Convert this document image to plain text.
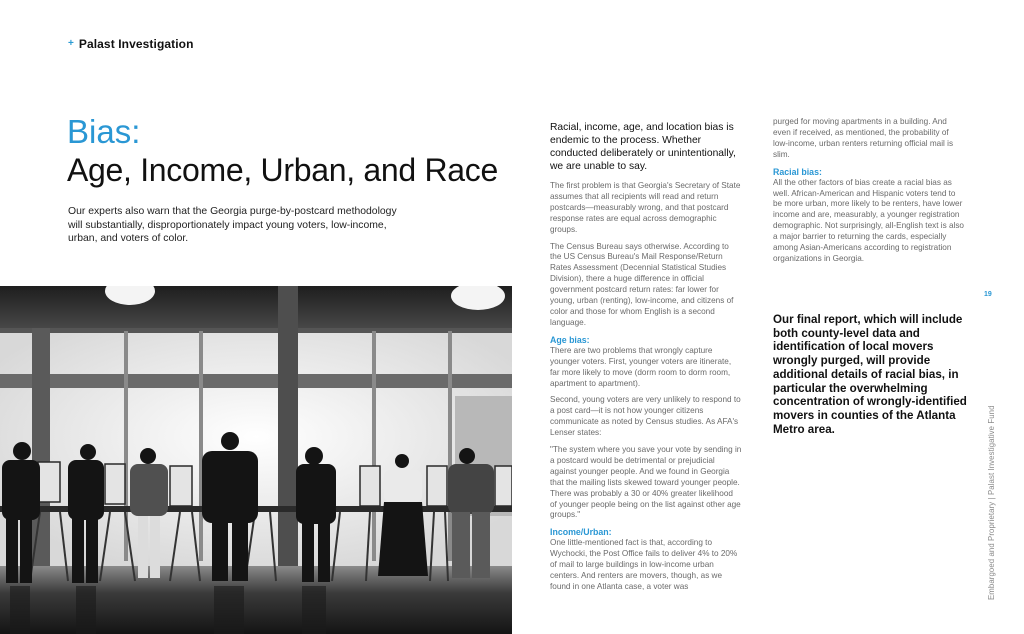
+ Palast Investigation
Bias:
Age, Income, Urban, and Race

Our experts also warn that the Georgia purge-by-postcard methodology will substantially, disproportionately impact young voters, low-income, urban, and voters of color.

Racial, income, age, and location bias is endemic to the process. Whether conducted deliberately or unintentionally, we are unable to say.

The first problem is that Georgia's Secretary of State assumes that all recipients will read and return postcards—measurably wrong, and that postcard response rates are equal across demographic groups.

The Census Bureau says otherwise. According to the US Census Bureau's Mail Response/Return Rates Assessment (Decennial Statistical Studies Division), there a huge difference in official government postcard return rates: far lower for young, urban (renting), low-income, and citizens of color and those for whom English is a second language.

Age bias:

There are two problems that wrongly capture younger voters. First, younger voters are itinerate, far more likely to move (dorm room to dorm room, apartment to apartment).

Second, young voters are very unlikely to respond to a post card—it is not how younger citizens communicate as noted by Census studies. As AFA's Lenser states:

"The system where you save your vote by sending in a postcard would be detrimental or prejudicial against younger people. And we found in Georgia that the mailing lists skewed toward younger people. There was probably a 30 or 40% greater likelihood of younger people being on the list against other age groups."

Income/Urban:

One little-mentioned fact is that, according to Wychocki, the Post Office fails to deliver 4% to 20% of mail to large buildings in low-income urban centers. And renters are movers, though, as we found in one Atlanta case, a voter was

purged for moving apartments in a building. And even if received, as mentioned, the probability of low-income, urban renters returning official mail is slim.

Racial bias:

All the other factors of bias create a racial bias as well. African-American and Hispanic voters tend to be more urban, more likely to be renters, have lower income and are, measurably, a younger registration demographic. Not surprisingly, all-English text is also a major barrier to returning the cards, especially among Asian-Americans according to registration organizations in Georgia.

Our final report, which will include both county-level data and identification of local movers wrongly purged, will provide additional details of racial bias, in particular the overwhelming concentration of wrongly-identified movers in counties of the Atlanta Metro area.

19
Embargoed and Proprietary | Palast Investigative Fund
